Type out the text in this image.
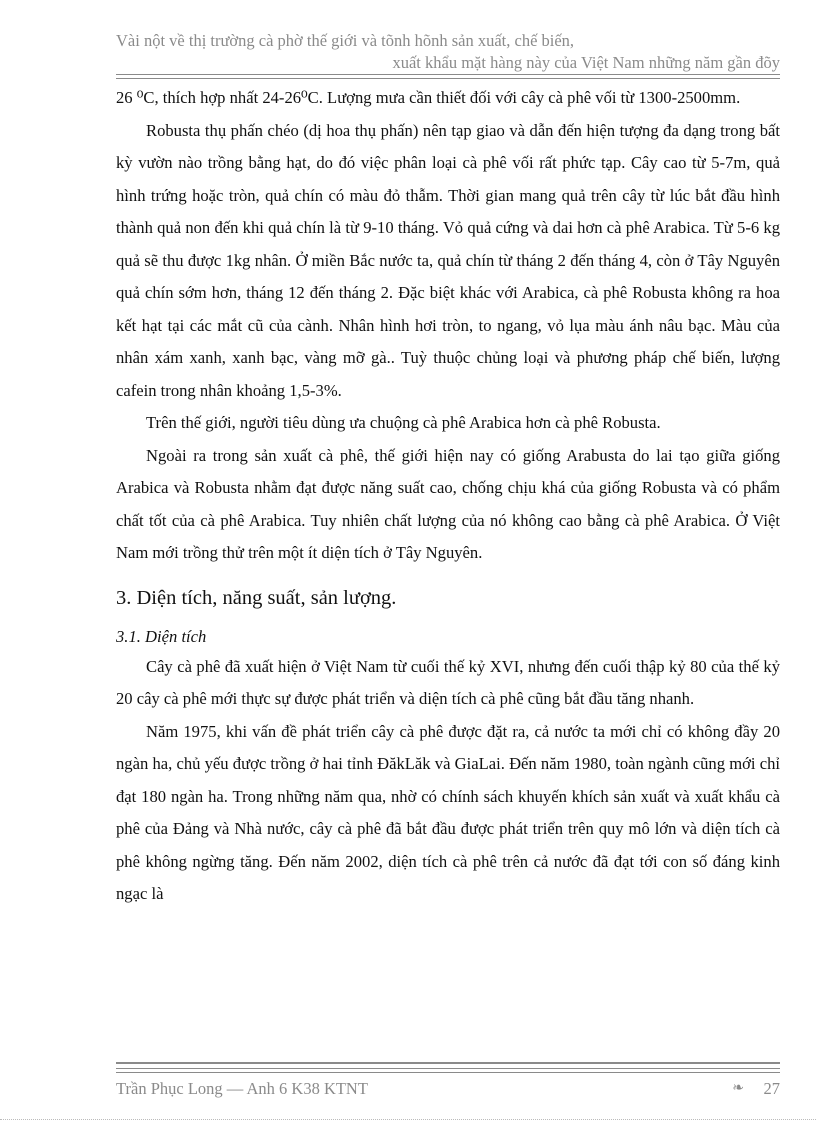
Vài nột về thị trường cà phờ thế giới và tõnh hõnh sản xuất, chế biến,
xuất khẩu mặt hàng này của Việt Nam những năm gần đõy

26 ⁰C, thích hợp nhất 24-26⁰C. Lượng mưa cần thiết đối với cây cà phê vối từ 1300-2500mm.

Robusta thụ phấn chéo (dị hoa thụ phấn) nên tạp giao và dẫn đến hiện tượng đa dạng trong bất kỳ vườn nào trồng bằng hạt, do đó việc phân loại cà phê vối rất phức tạp. Cây cao từ 5-7m, quả hình trứng hoặc tròn, quả chín có màu đỏ thẫm. Thời gian mang quả trên cây từ lúc bắt đầu hình thành quả non đến khi quả chín là từ 9-10 tháng. Vỏ quả cứng và dai hơn cà phê Arabica. Từ 5-6 kg quả sẽ thu được 1kg nhân. Ở miền Bắc nước ta, quả chín từ tháng 2 đến tháng 4, còn ở Tây Nguyên quả chín sớm hơn, tháng 12 đến tháng 2. Đặc biệt khác với Arabica, cà phê Robusta không ra hoa kết hạt tại các mắt cũ của cành. Nhân hình hơi tròn, to ngang, vỏ lụa màu ánh nâu bạc. Màu của nhân xám xanh, xanh bạc, vàng mỡ gà.. Tuỳ thuộc chủng loại và phương pháp chế biến, lượng cafein trong nhân khoảng 1,5-3%.

Trên thế giới, người tiêu dùng ưa chuộng cà phê Arabica hơn cà phê Robusta.

Ngoài ra trong sản xuất cà phê, thế giới hiện nay có giống Arabusta do lai tạo giữa giống Arabica và Robusta nhằm đạt được năng suất cao, chống chịu khá của giống Robusta và có phẩm chất tốt của cà phê Arabica. Tuy nhiên chất lượng của nó không cao bằng cà phê Arabica. Ở Việt Nam mới trồng thử trên một ít diện tích ở Tây Nguyên.

3. Diện tích, năng suất, sản lượng.
3.1. Diện tích

Cây cà phê đã xuất hiện ở Việt Nam từ cuối thế kỷ XVI, nhưng đến cuối thập kỷ 80 của thế kỷ 20 cây cà phê mới thực sự được phát triển và diện tích cà phê cũng bắt đầu tăng nhanh.

Năm 1975, khi vấn đề phát triển cây cà phê được đặt ra, cả nước ta mới chỉ có không đầy 20 ngàn ha, chủ yếu được trồng ở hai tỉnh ĐăkLăk và GiaLai. Đến năm 1980, toàn ngành cũng mới chỉ đạt 180 ngàn ha. Trong những năm qua, nhờ có chính sách khuyến khích sản xuất và xuất khẩu cà phê của Đảng và Nhà nước, cây cà phê đã bắt đầu được phát triển trên quy mô lớn và diện tích cà phê không ngừng tăng. Đến năm 2002, diện tích cà phê trên cả nước đã đạt tới con số đáng kinh ngạc là

Trần Phục Long — Anh 6 K38 KTNT	❧ 27
